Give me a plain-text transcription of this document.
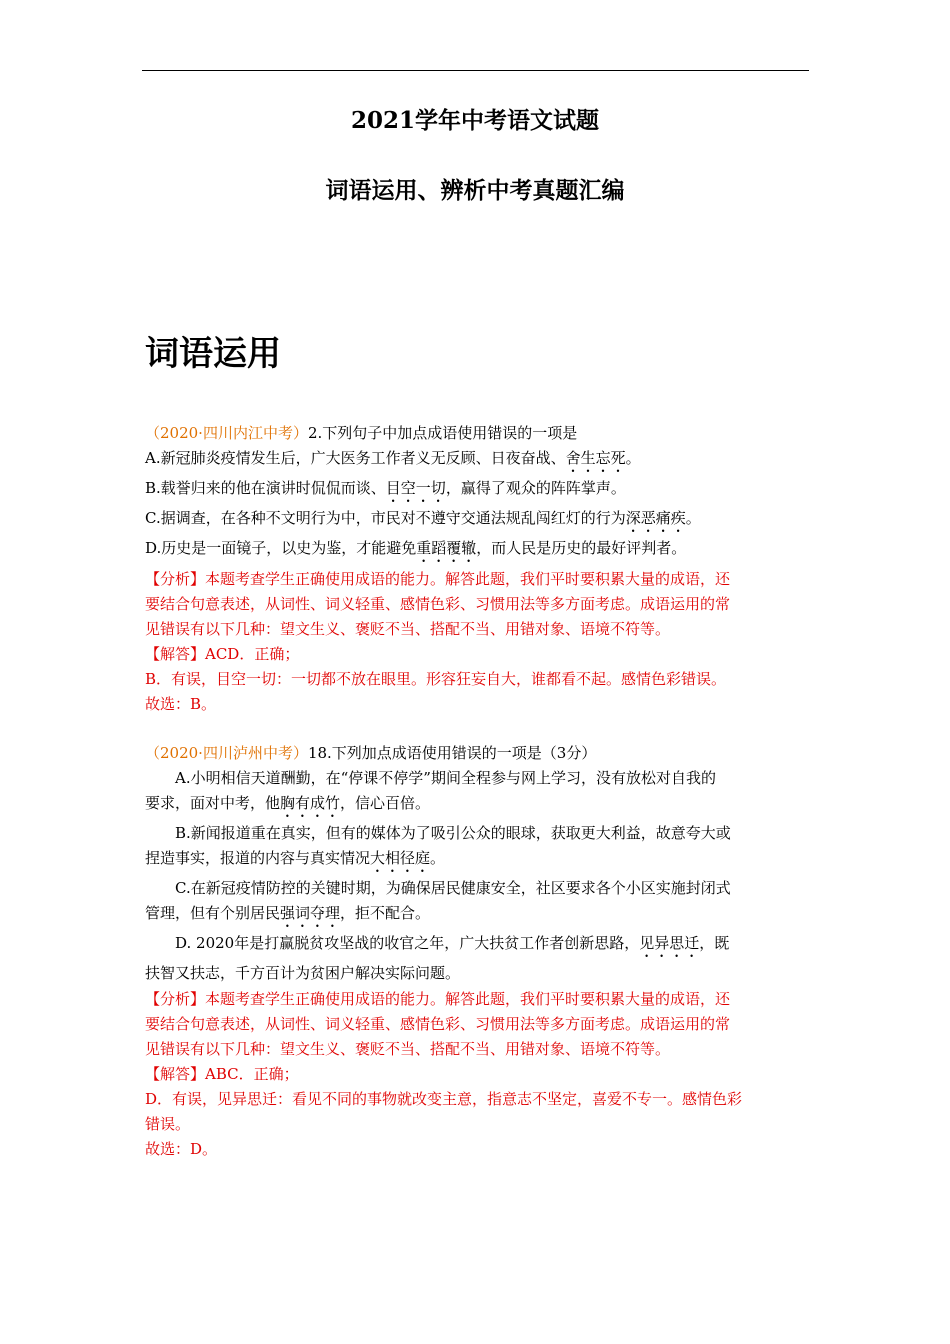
2021学年中考语文试题
词语运用、辨析中考真题汇编
词语运用
（2020·四川内江中考）2.下列句子中加点成语使用错误的一项是
A.新冠肺炎疫情发生后，广大医务工作者义无反顾、日夜奋战、舍生忘死。
B.载誉归来的他在演讲时侃侃而谈、目空一切，赢得了观众的阵阵掌声。
C.据调查，在各种不文明行为中，市民对不遵守交通法规乱闯红灯的行为深恶痛疾。
D.历史是一面镜子，以史为鉴，才能避免重蹈覆辙，而人民是历史的最好评判者。
【分析】本题考查学生正确使用成语的能力。解答此题，我们平时要积累大量的成语，还
要结合句意表述，从词性、词义轻重、感情色彩、习惯用法等多方面考虑。成语运用的常
见错误有以下几种：望文生义、褒贬不当、搭配不当、用错对象、语境不符等。
【解答】ACD．正确；
B．有误，目空一切：一切都不放在眼里。形容狂妄自大，谁都看不起。感情色彩错误。
故选：B。
（2020·四川泸州中考）18.下列加点成语使用错误的一项是（3分）
A.小明相信天道酬勤，在“停课不停学”期间全程参与网上学习，没有放松对自我的
要求，面对中考，他胸有成竹，信心百倍。
B.新闻报道重在真实，但有的媒体为了吸引公众的眼球，获取更大利益，故意夸大或
捏造事实，报道的内容与真实情况大相径庭。
C.在新冠疫情防控的关键时期，为确保居民健康安全，社区要求各个小区实施封闭式
管理，但有个别居民强词夺理，拒不配合。
D. 2020年是打赢脱贫攻坚战的收官之年，广大扶贫工作者创新思路，见异思迁，既
扶智又扶志，千方百计为贫困户解决实际问题。
【分析】本题考查学生正确使用成语的能力。解答此题，我们平时要积累大量的成语，还
要结合句意表述，从词性、词义轻重、感情色彩、习惯用法等多方面考虑。成语运用的常
见错误有以下几种：望文生义、褒贬不当、搭配不当、用错对象、语境不符等。
【解答】ABC．正确；
D．有误，见异思迁：看见不同的事物就改变主意，指意志不坚定，喜爱不专一。感情色彩
错误。
故选：D。
